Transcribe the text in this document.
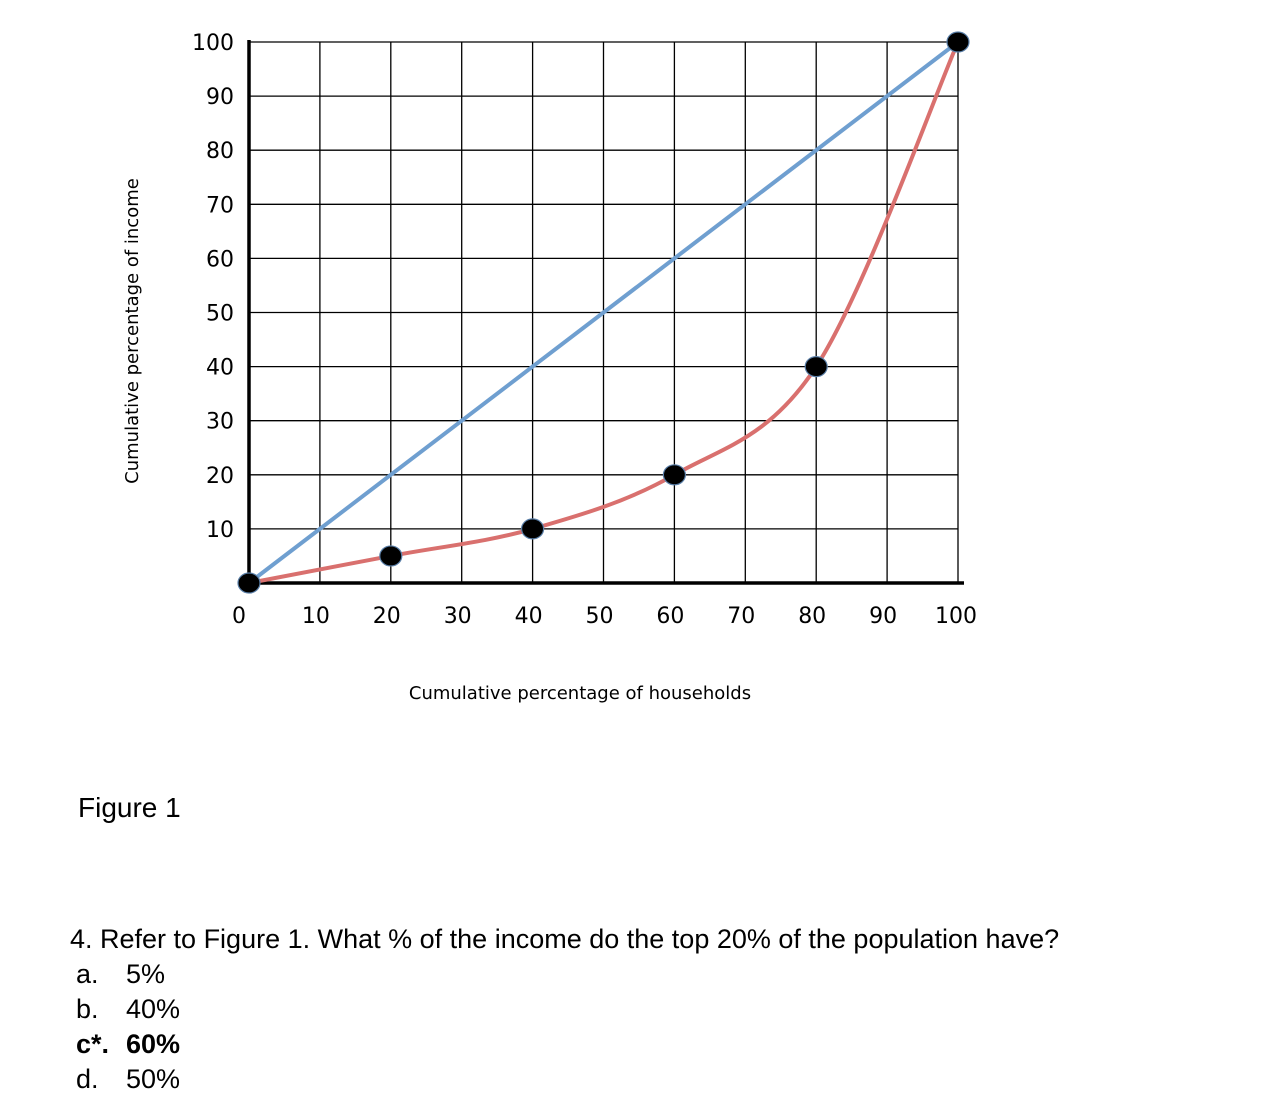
10
20
30
40
50
60
70
80
90
100
0	10 20 30 40 50 60 70 80 90 100
Cumulative percentage of households
Cumulative percentage of income
Figure 1
4. Refer to Figure 1. What % of the income do the top 20% of the population have?
a. 5%
b. 40%
c*. 60%
d. 50%
